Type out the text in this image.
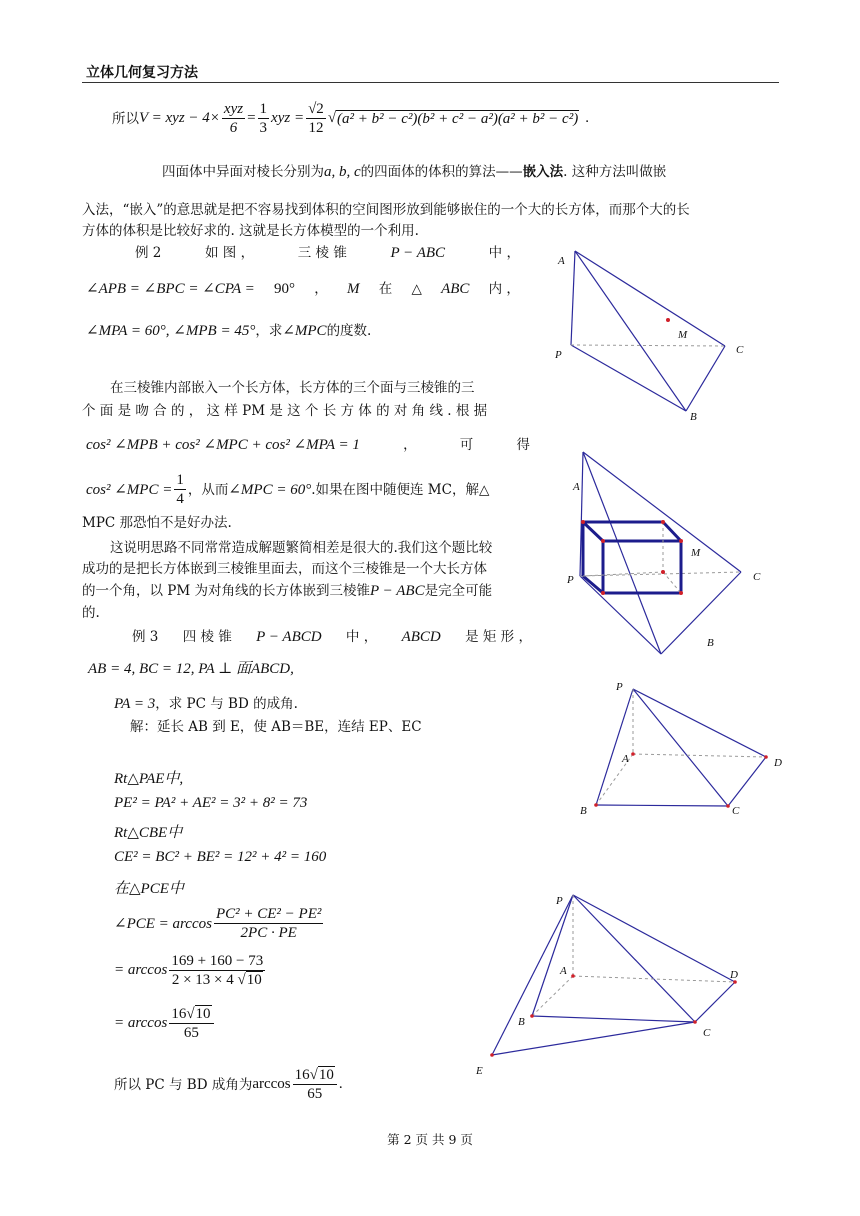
立体几何复习方法
所以 V = xyz − $4\times \frac{\text{xyz}}{6} = \frac{1}{3}$ xyz = $\frac{√2}{12}$ √ (a² + b² − c²)(b² + c² − a²)(a² + b² − c²) .
四面体中异面对棱长分别为a, b, c的四面体的体积的算法——嵌入法. 这种方法叫做嵌
入法，“嵌入”的意思就是把不容易找到体积的空间图形放到能够嵌住的一个大的长方体，而那个大的长
方体的体积是比较好求的. 这就是长方体模型的一个利用.
例 2	如 图 ，	三 棱 锥	P − ABC	中 ，
∠APB = ∠BPC = ∠CPA = 90° ， M 在 △ ABC 内 ，
∠MPA = 60°, ∠MPB = 45°，求∠MPC的度数.
在三棱锥内部嵌入一个长方体，长方体的三个面与三棱锥的三
个 面 是 吻 合 的 ， 这 样 PM 是 这 个 长 方 体 的 对 角 线 . 根 据
cos² ∠MPB + cos² ∠MPC + cos² ∠MPA = 1	，	可	得
cos² ∠MPC = $\frac{1}{4}$ ，从而 ∠MPC = 60° .如果在图中随便连 MC，解△
MPC 那恐怕不是好办法.
这说明思路不同常常造成解题繁简相差是很大的.我们这个题比较
成功的是把长方体嵌到三棱锥里面去，而这个三棱锥是一个大长方体
的一个角，以 PM 为对角线的长方体嵌到三棱锥P − ABC是完全可能
的.
例 3 四 棱 锥 P − ABCD 中 ， ABCD 是 矩 形 ，
AB = 4, BC = 12, PA ⊥ 面ABCD,
PA = 3，求 PC 与 BD 的成角.
解：延长 AB 到 E，使 AB＝BE，连结 EP、EC
Rt△PAE中,
PE² = PA² + AE² = 3² + 8² = 73
Rt△CBE中
CE² = BC² + BE² = 12² + 4² = 160
在△PCE中
∠PCE = $\arccos \frac{\text{PC² + CE² − PE²}}{2PC \cdot PE}$
= $\arccos \frac{169 + 160 - 73}{2 \times 13 \times 4 √10}$
= $\arccos \frac{16√10}{65}$
所以 PC 与 BD 成角为 $\arccos \frac{16√10}{65}$ .
A
M
P	C
B
A
M
P	C
B
P
A	D
B	C
P
A	D
B
C
E
第 2 页 共 9 页
